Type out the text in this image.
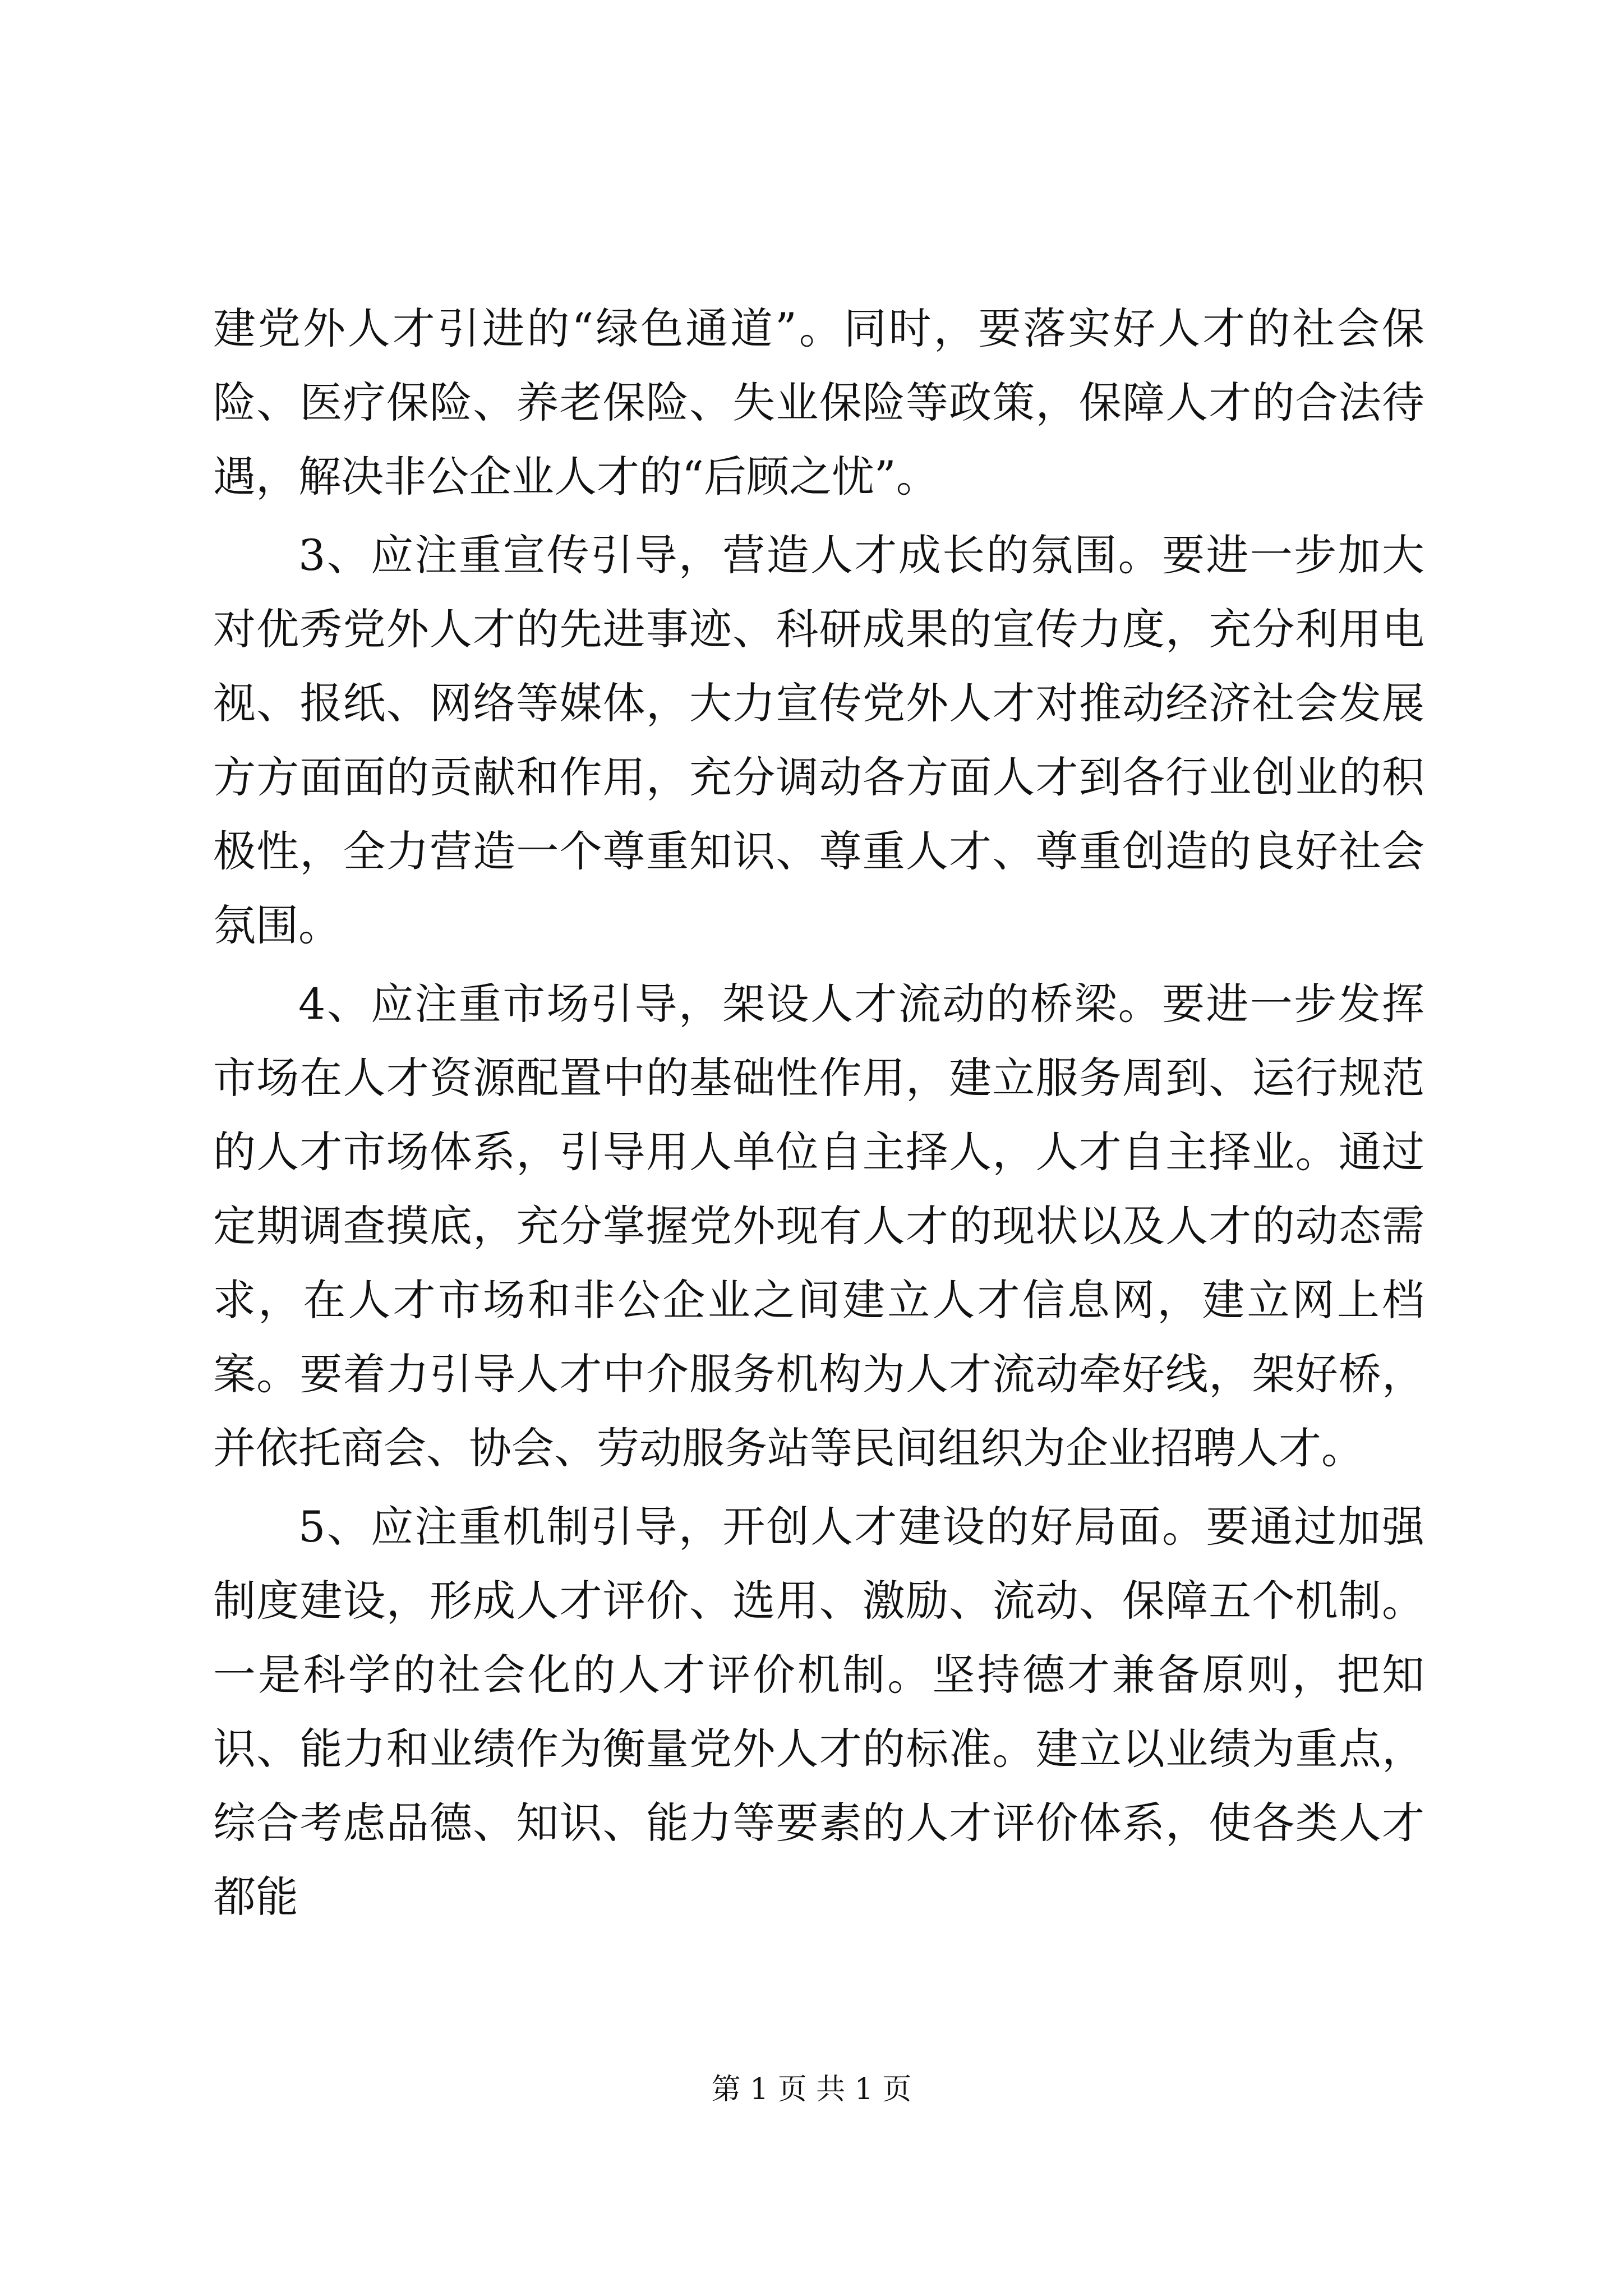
建党外人才引进的“绿色通道”。同时，要落实好人才的社会保险、医疗保险、养老保险、失业保险等政策，保障人才的合法待遇，解决非公企业人才的“后顾之忧”。

3、应注重宣传引导，营造人才成长的氛围。要进一步加大对优秀党外人才的先进事迹、科研成果的宣传力度，充分利用电视、报纸、网络等媒体，大力宣传党外人才对推动经济社会发展方方面面的贡献和作用，充分调动各方面人才到各行业创业的积极性，全力营造一个尊重知识、尊重人才、尊重创造的良好社会氛围。

4、应注重市场引导，架设人才流动的桥梁。要进一步发挥市场在人才资源配置中的基础性作用，建立服务周到、运行规范的人才市场体系，引导用人单位自主择人，人才自主择业。通过定期调查摸底，充分掌握党外现有人才的现状以及人才的动态需求，在人才市场和非公企业之间建立人才信息网，建立网上档案。要着力引导人才中介服务机构为人才流动牵好线，架好桥，并依托商会、协会、劳动服务站等民间组织为企业招聘人才。

5、应注重机制引导，开创人才建设的好局面。要通过加强制度建设，形成人才评价、选用、激励、流动、保障五个机制。一是科学的社会化的人才评价机制。坚持德才兼备原则，把知识、能力和业绩作为衡量党外人才的标准。建立以业绩为重点，综合考虑品德、知识、能力等要素的人才评价体系，使各类人才都能

第 1 页 共 1 页
